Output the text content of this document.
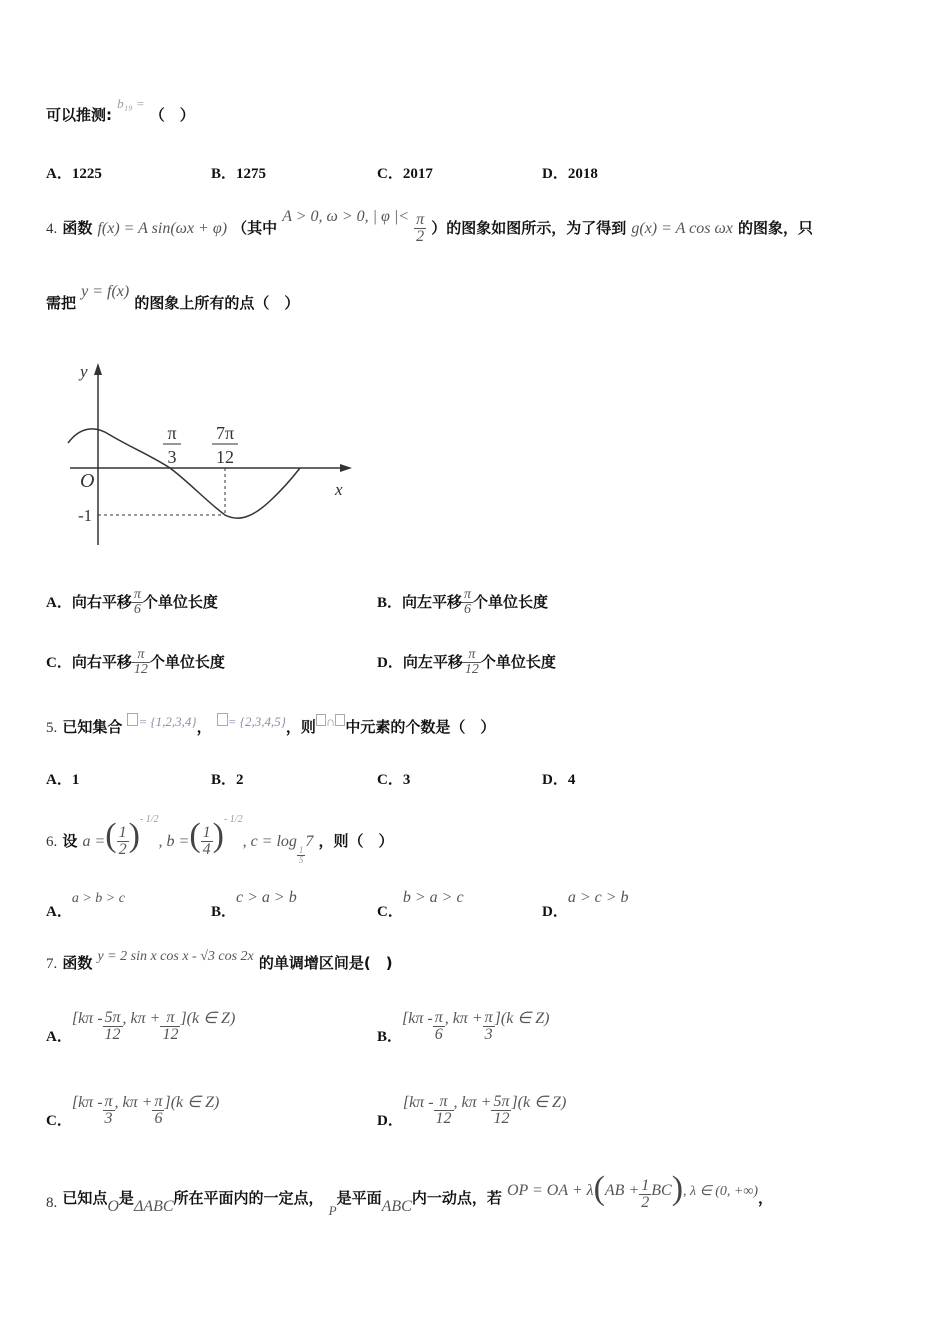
可以推测: $^{b_{19} =}$ （　）
A．1225	B．1275	C．2017	D．2018
4. 函数 f(x) = A sin(ωx + φ) （其中 A > 0, ω > 0, | φ |< $\frac{\pi}{2}$ ）的图象如图所示，为了得到 g(x) = A cos ωx 的图象，只
需把 y = f(x) 的图象上所有的点（　）
y
x
O
-1
π
3
7π
12
A．向右平移 $\frac{\pi}{6}$ 个单位长度	B．向左平移 $\frac{\pi}{6}$ 个单位长度
C．向右平移 $\frac{\pi}{12}$ 个单位长度	D．向左平移 $\frac{\pi}{12}$ 个单位长度
5. 已知集合 $^{= \{1,2,3,4\}}$， $^{= \{2,3,4,5\}}$，则 ∩ 中元素的个数是（　）
A．1	B．2	C．3	D．4
6. 设 a =( $\frac{1}{2} )^{- 1/2}$, b =( $\frac{1}{4} )^{- 1/2}$, c = log
$\frac{1}{5}$
7 ，则（　）
A．a > b > c
B．c > a > b
C．b > a > c
D．a > c > b
7. 函数 y = 2 sin x cos x - √3 cos 2x 的单调增区间是(　)
A．[$k\pi - \frac{5\pi}{12}$ , $k\pi + \frac{\pi}{12} ](k$ ∈ Z)
B．[$k\pi - \frac{\pi}{6}$ , $k\pi + \frac{\pi}{3} ](k$ ∈ Z)
C．[$k\pi - \frac{\pi}{3}$ , $k\pi + \frac{\pi}{6} ](k$ ∈ Z)
D．[$k\pi - \frac{\pi}{12}$ , $k\pi + \frac{5\pi}{12} ](k$ ∈ Z)
8. 已知点O是ΔABC所在平面内的一定点， $_P$是平面ABC内一动点，若 OP = OA + $\lambda(AB + \frac{1}{2} BC)$, λ ∈ (0, +∞)，
